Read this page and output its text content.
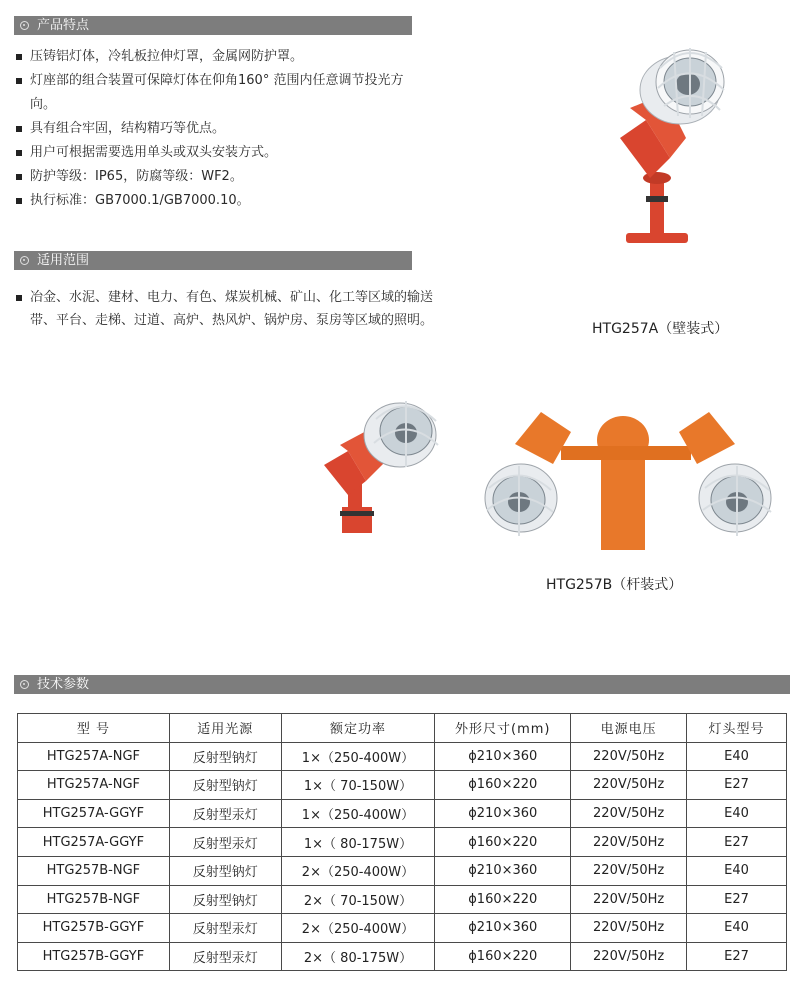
产品特点
压铸铝灯体，冷轧板拉伸灯罩，金属网防护罩。
灯座部的组合装置可保障灯体在仰角160° 范围内任意调节投光方向。
具有组合牢固，结构精巧等优点。
用户可根据需要选用单头或双头安装方式。
防护等级：IP65，防腐等级：WF2。
执行标准：GB7000.1/GB7000.10。
适用范围
冶金、水泥、建材、电力、有色、煤炭机械、矿山、化工等区域的输送带、平台、走梯、过道、高炉、热风炉、锅炉房、泵房等区域的照明。
HTG257A（壁装式）
HTG257B（杆装式）
技术参数
型 号	适用光源	额定功率	外形尺寸(mm)	电源电压	灯头型号
HTG257A-NGF	反射型钠灯	1×（250-400W）	ϕ210×360	220V/50Hz	E40
HTG257A-NGF	反射型钠灯	1×（ 70-150W）	ϕ160×220	220V/50Hz	E27
HTG257A-GGYF	反射型汞灯	1×（250-400W）	ϕ210×360	220V/50Hz	E40
HTG257A-GGYF	反射型汞灯	1×（ 80-175W）	ϕ160×220	220V/50Hz	E27
HTG257B-NGF	反射型钠灯	2×（250-400W）	ϕ210×360	220V/50Hz	E40
HTG257B-NGF	反射型钠灯	2×（ 70-150W）	ϕ160×220	220V/50Hz	E27
HTG257B-GGYF	反射型汞灯	2×（250-400W）	ϕ210×360	220V/50Hz	E40
HTG257B-GGYF	反射型汞灯	2×（ 80-175W）	ϕ160×220	220V/50Hz	E27
